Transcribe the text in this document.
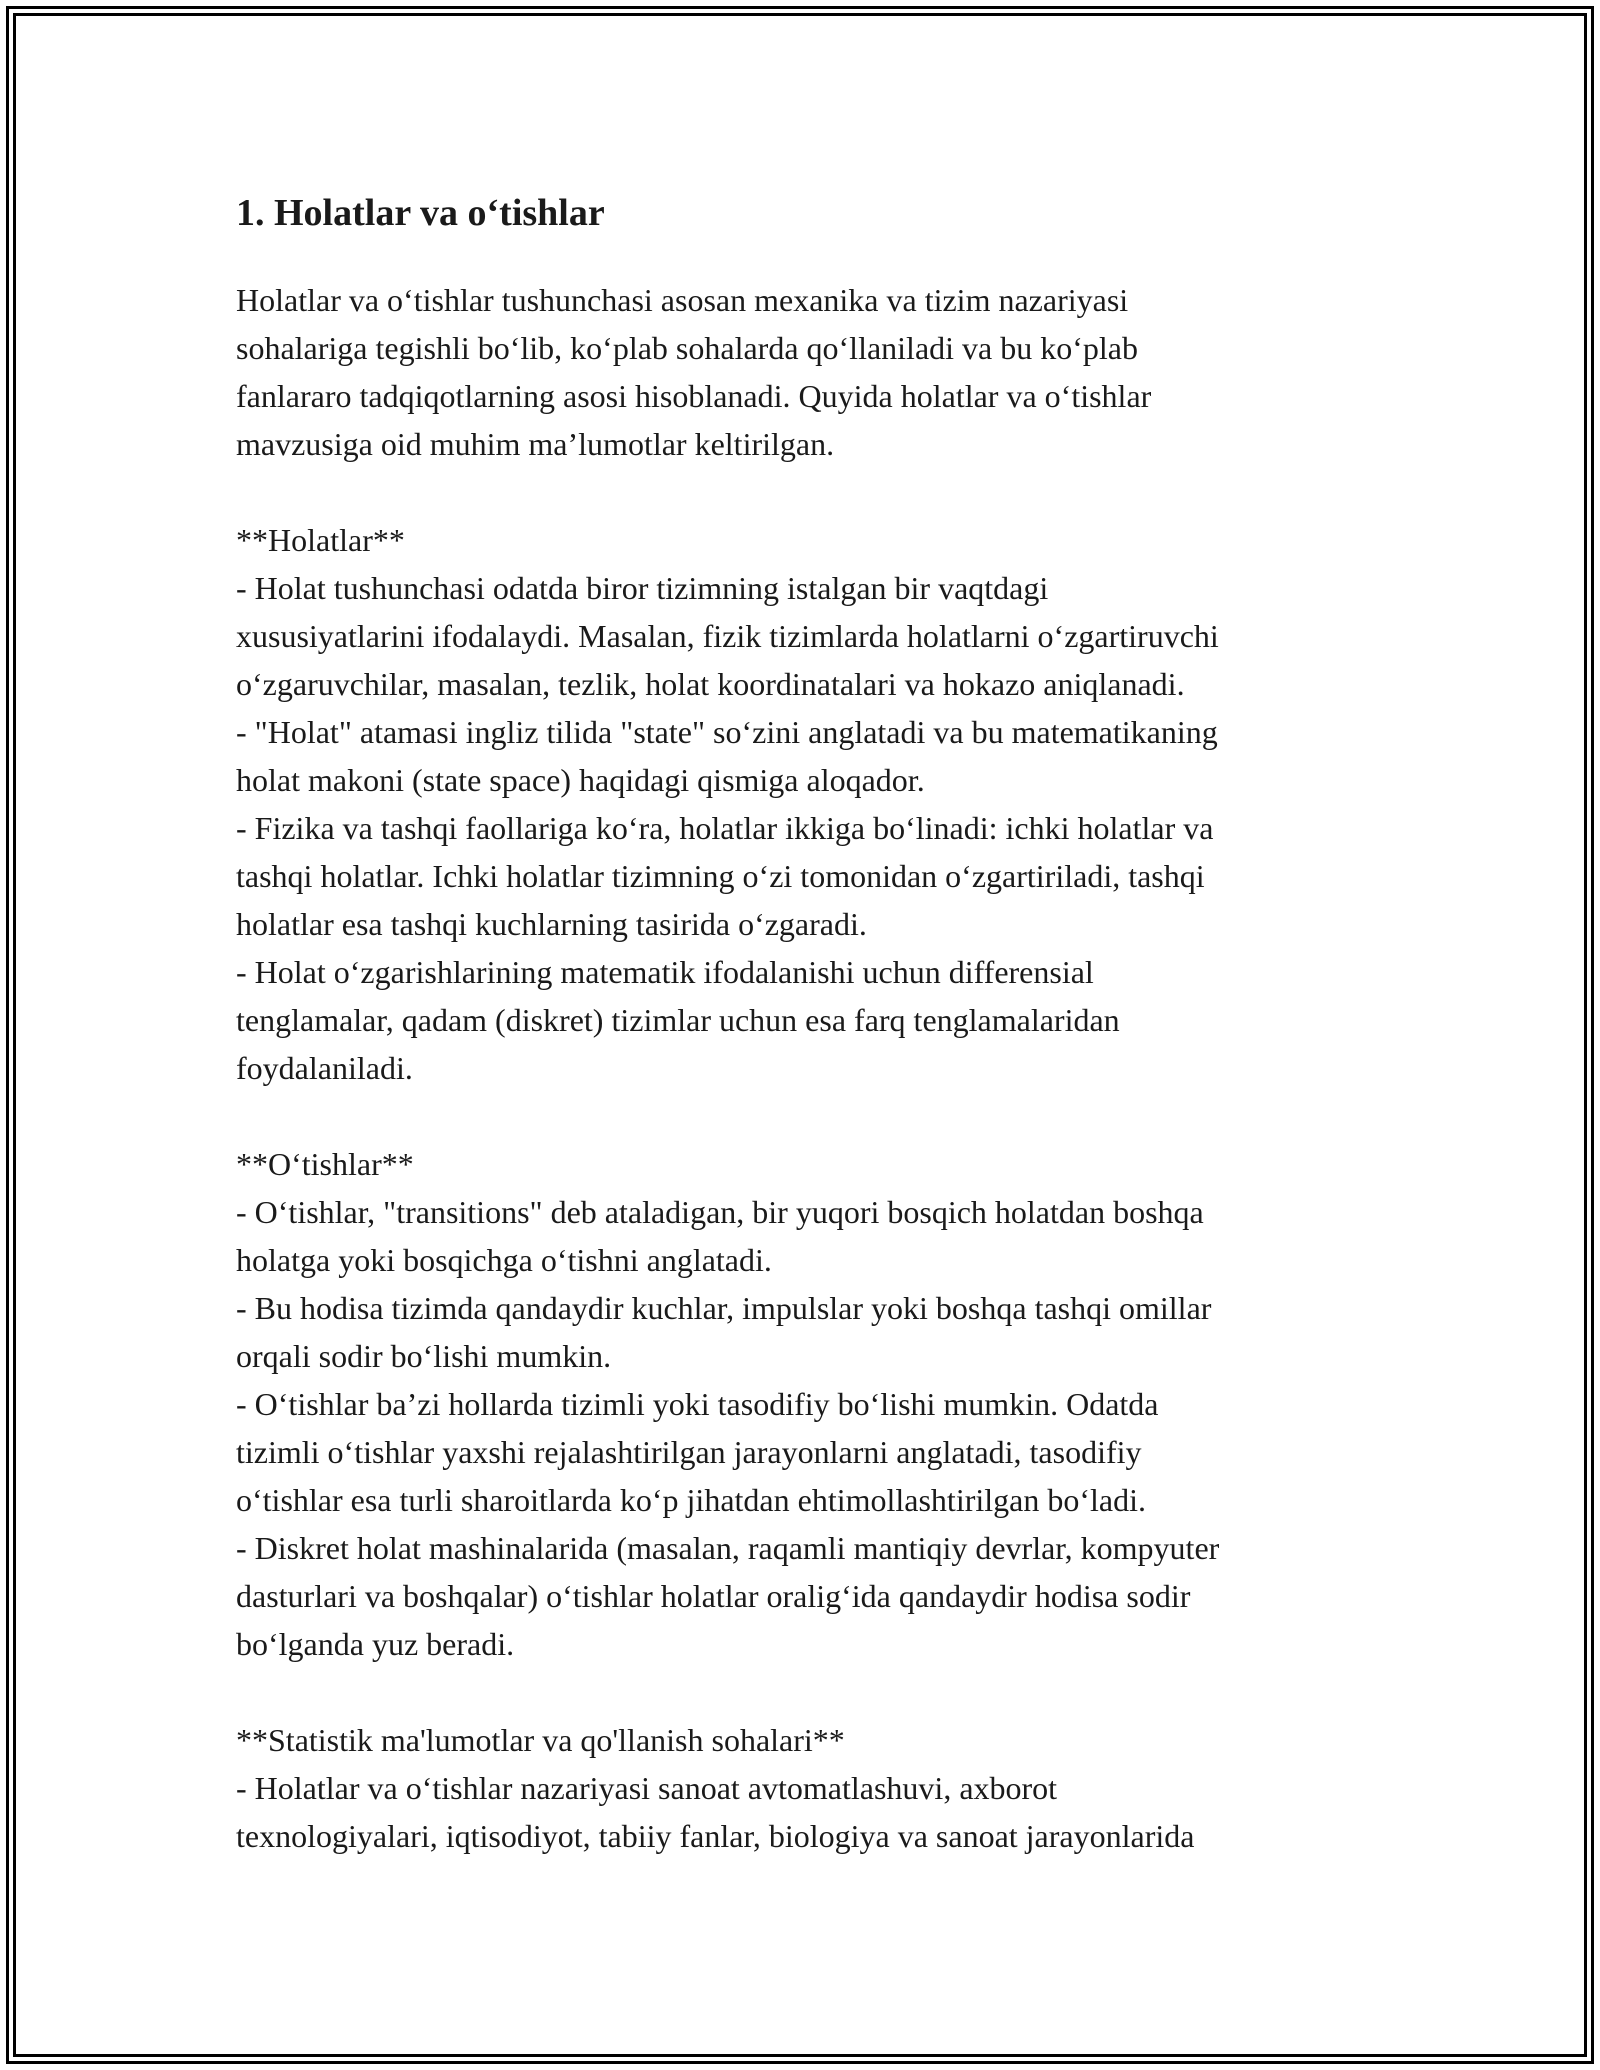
1. Holatlar va o‘tishlar

Holatlar va o‘tishlar tushunchasi asosan mexanika va tizim nazariyasi

sohalariga tegishli bo‘lib, ko‘plab sohalarda qo‘llaniladi va bu ko‘plab

fanlararo tadqiqotlarning asosi hisoblanadi. Quyida holatlar va o‘tishlar

mavzusiga oid muhim ma’lumotlar keltirilgan.

**Holatlar**

- Holat tushunchasi odatda biror tizimning istalgan bir vaqtdagi

xususiyatlarini ifodalaydi. Masalan, fizik tizimlarda holatlarni o‘zgartiruvchi

o‘zgaruvchilar, masalan, tezlik, holat koordinatalari va hokazo aniqlanadi.

- "Holat" atamasi ingliz tilida "state" so‘zini anglatadi va bu matematikaning

holat makoni (state space) haqidagi qismiga aloqador.

- Fizika va tashqi faollariga ko‘ra, holatlar ikkiga bo‘linadi: ichki holatlar va

tashqi holatlar. Ichki holatlar tizimning o‘zi tomonidan o‘zgartiriladi, tashqi

holatlar esa tashqi kuchlarning tasirida o‘zgaradi.

- Holat o‘zgarishlarining matematik ifodalanishi uchun differensial

tenglamalar, qadam (diskret) tizimlar uchun esa farq tenglamalaridan

foydalaniladi.

**O‘tishlar**

- O‘tishlar, "transitions" deb ataladigan, bir yuqori bosqich holatdan boshqa

holatga yoki bosqichga o‘tishni anglatadi.

- Bu hodisa tizimda qandaydir kuchlar, impulslar yoki boshqa tashqi omillar

orqali sodir bo‘lishi mumkin.

- O‘tishlar ba’zi hollarda tizimli yoki tasodifiy bo‘lishi mumkin. Odatda

tizimli o‘tishlar yaxshi rejalashtirilgan jarayonlarni anglatadi, tasodifiy

o‘tishlar esa turli sharoitlarda ko‘p jihatdan ehtimollashtirilgan bo‘ladi.

- Diskret holat mashinalarida (masalan, raqamli mantiqiy devrlar, kompyuter

dasturlari va boshqalar) o‘tishlar holatlar oralig‘ida qandaydir hodisa sodir

bo‘lganda yuz beradi.

**Statistik ma'lumotlar va qo'llanish sohalari**

- Holatlar va o‘tishlar nazariyasi sanoat avtomatlashuvi, axborot

texnologiyalari, iqtisodiyot, tabiiy fanlar, biologiya va sanoat jarayonlarida
